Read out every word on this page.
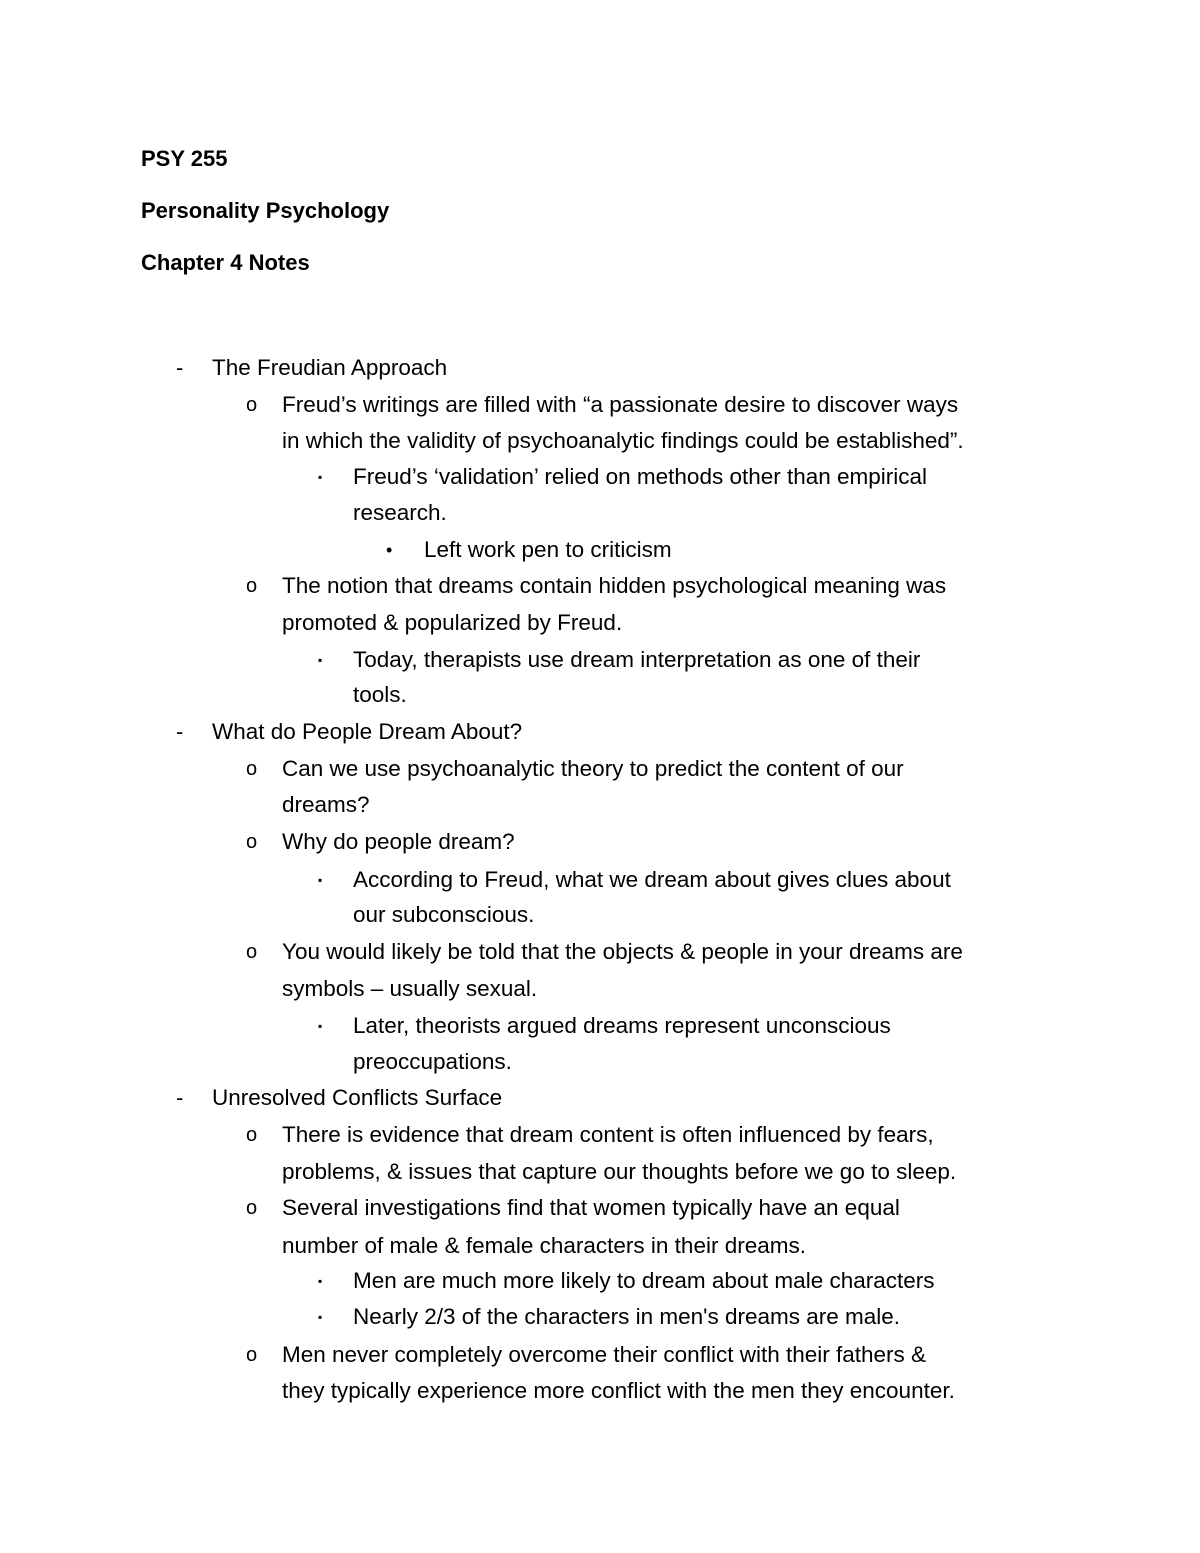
PSY 255

Personality Psychology

Chapter 4 Notes

- The Freudian Approach

o Freud’s writings are filled with “a passionate desire to discover ways

in which the validity of psychoanalytic findings could be established”.

▪ Freud’s ‘validation’ relied on methods other than empirical

research.

• Left work pen to criticism

o The notion that dreams contain hidden psychological meaning was

promoted & popularized by Freud.

▪ Today, therapists use dream interpretation as one of their

tools.

- What do People Dream About?

o Can we use psychoanalytic theory to predict the content of our

dreams?

o Why do people dream?

▪ According to Freud, what we dream about gives clues about

our subconscious.

o You would likely be told that the objects & people in your dreams are

symbols – usually sexual.

▪ Later, theorists argued dreams represent unconscious

preoccupations.

- Unresolved Conflicts Surface

o There is evidence that dream content is often influenced by fears,

problems, & issues that capture our thoughts before we go to sleep.

o Several investigations find that women typically have an equal

number of male & female characters in their dreams.

▪ Men are much more likely to dream about male characters

▪ Nearly 2/3 of the characters in men's dreams are male.

o Men never completely overcome their conflict with their fathers &

they typically experience more conflict with the men they encounter.
